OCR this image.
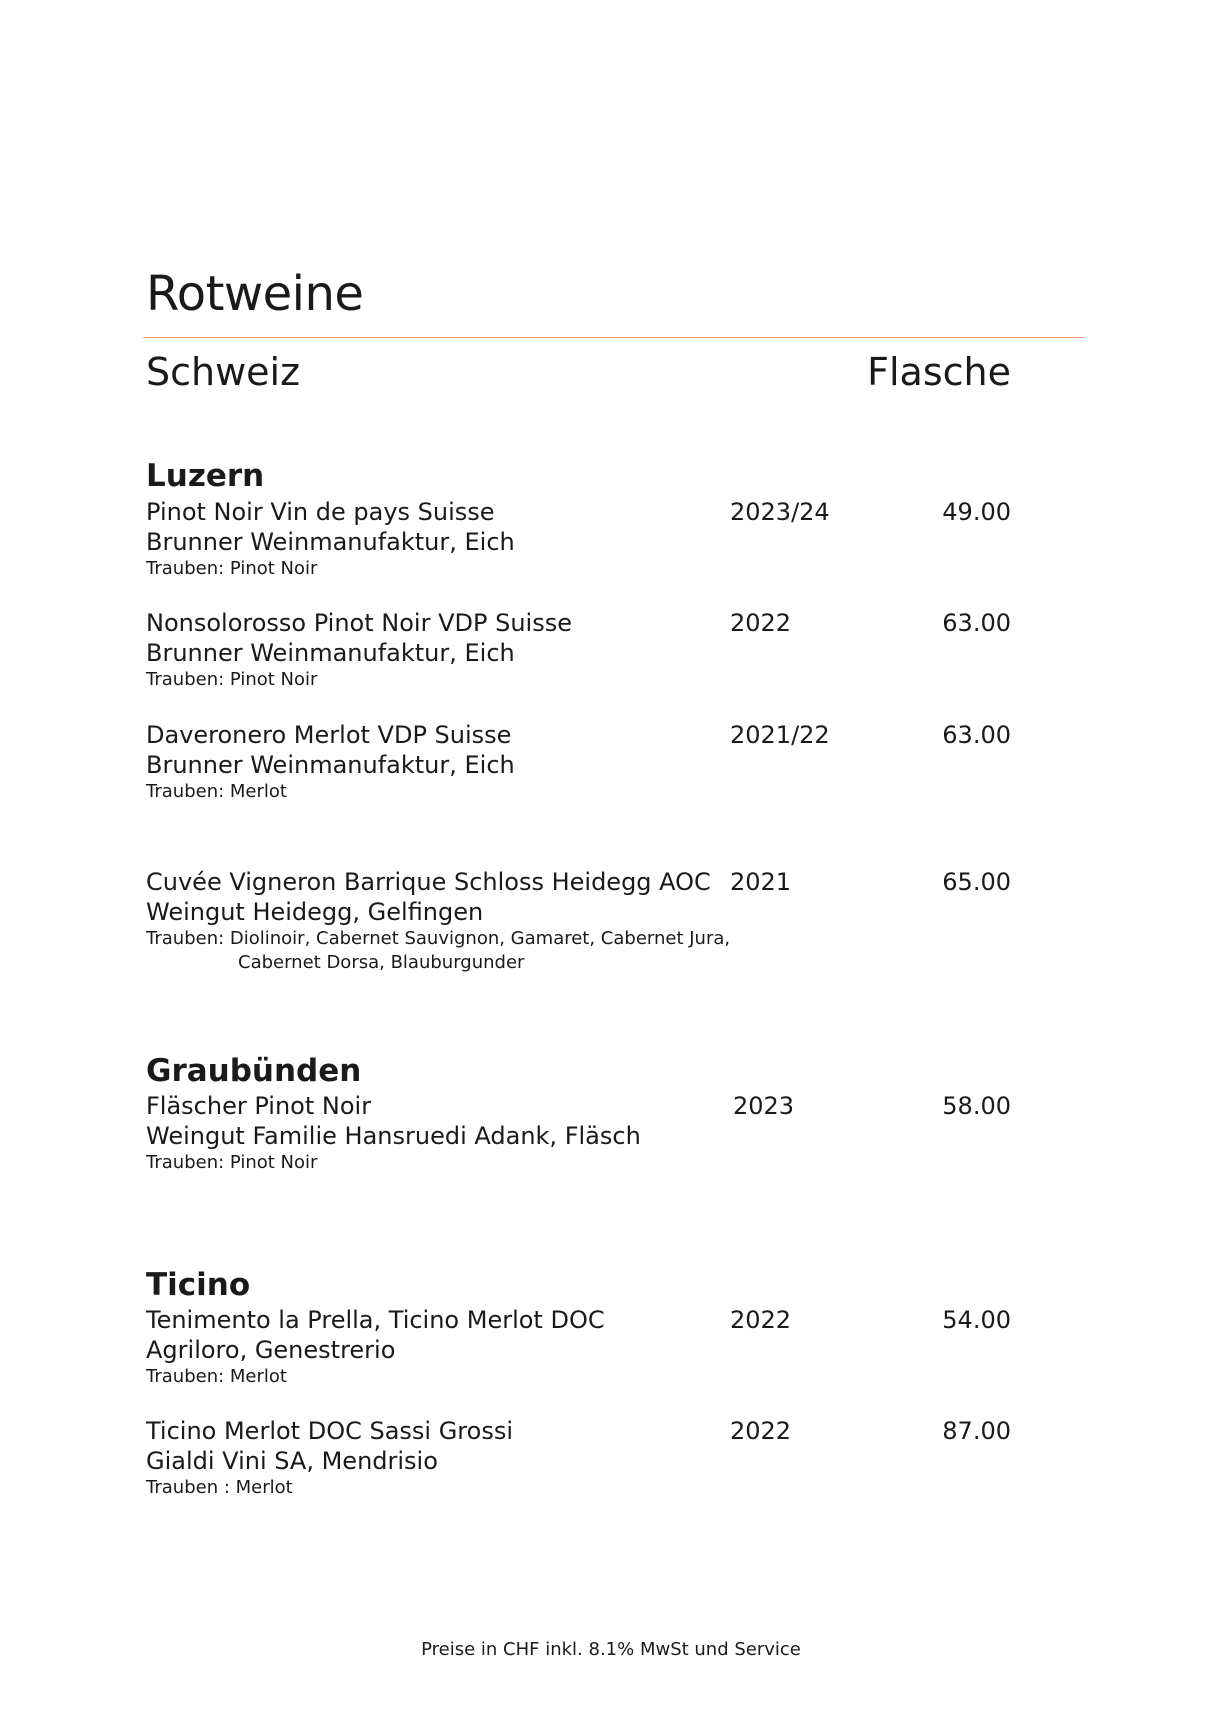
Rotweine
Schweiz	Flasche
Luzern
Pinot Noir Vin de pays Suisse	2023/24	49.00
Brunner Weinmanufaktur, Eich
Trauben: Pinot Noir
Nonsolorosso Pinot Noir VDP Suisse	2022	63.00
Brunner Weinmanufaktur, Eich
Trauben: Pinot Noir
Daveronero Merlot VDP Suisse	2021/22	63.00
Brunner Weinmanufaktur, Eich
Trauben: Merlot
Cuvée Vigneron Barrique Schloss Heidegg AOC 2021	65.00
Weingut Heidegg, Gelfingen
Trauben: Diolinoir, Cabernet Sauvignon, Gamaret, Cabernet Jura,
Cabernet Dorsa, Blauburgunder
Graubünden
Fläscher Pinot Noir	2023	58.00
Weingut Familie Hansruedi Adank, Fläsch
Trauben: Pinot Noir
Ticino
Tenimento la Prella, Ticino Merlot DOC	2022	54.00
Agriloro, Genestrerio
Trauben: Merlot
Ticino Merlot DOC Sassi Grossi	2022	87.00
Gialdi Vini SA, Mendrisio
Trauben : Merlot
Preise in CHF inkl. 8.1% MwSt und Service
